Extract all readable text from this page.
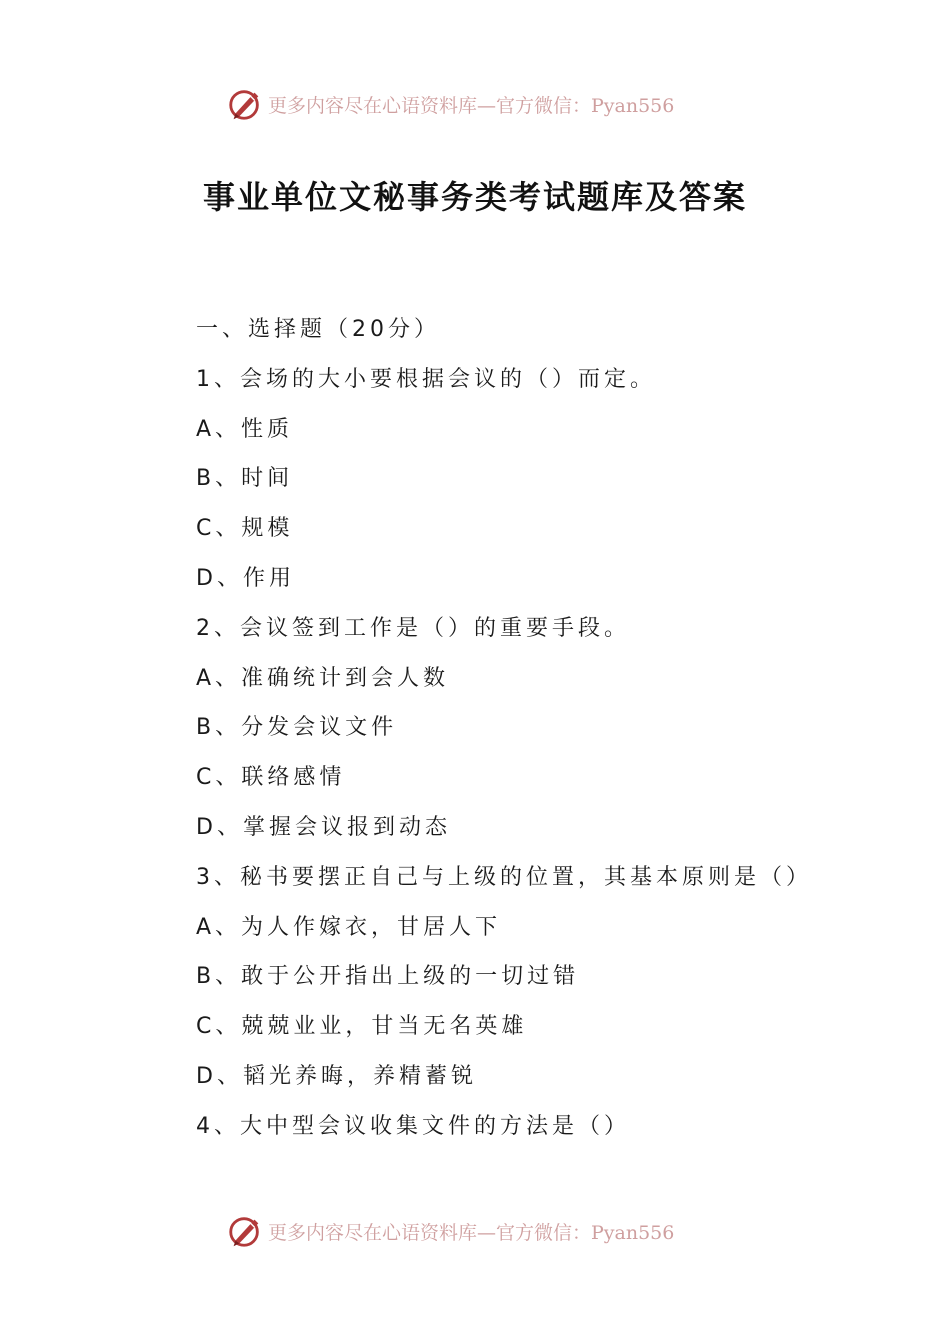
更多内容尽在心语资料库—官方微信：Pyan556
事业单位文秘事务类考试题库及答案
一、选择题（20分）
1、会场的大小要根据会议的（）而定。
A、性质
B、时间
C、规模
D、作用
2、会议签到工作是（）的重要手段。
A、准确统计到会人数
B、分发会议文件
C、联络感情
D、掌握会议报到动态
3、秘书要摆正自己与上级的位置，其基本原则是（）
A、为人作嫁衣，甘居人下
B、敢于公开指出上级的一切过错
C、兢兢业业，甘当无名英雄
D、韬光养晦，养精蓄锐
4、大中型会议收集文件的方法是（）
更多内容尽在心语资料库—官方微信：Pyan556
